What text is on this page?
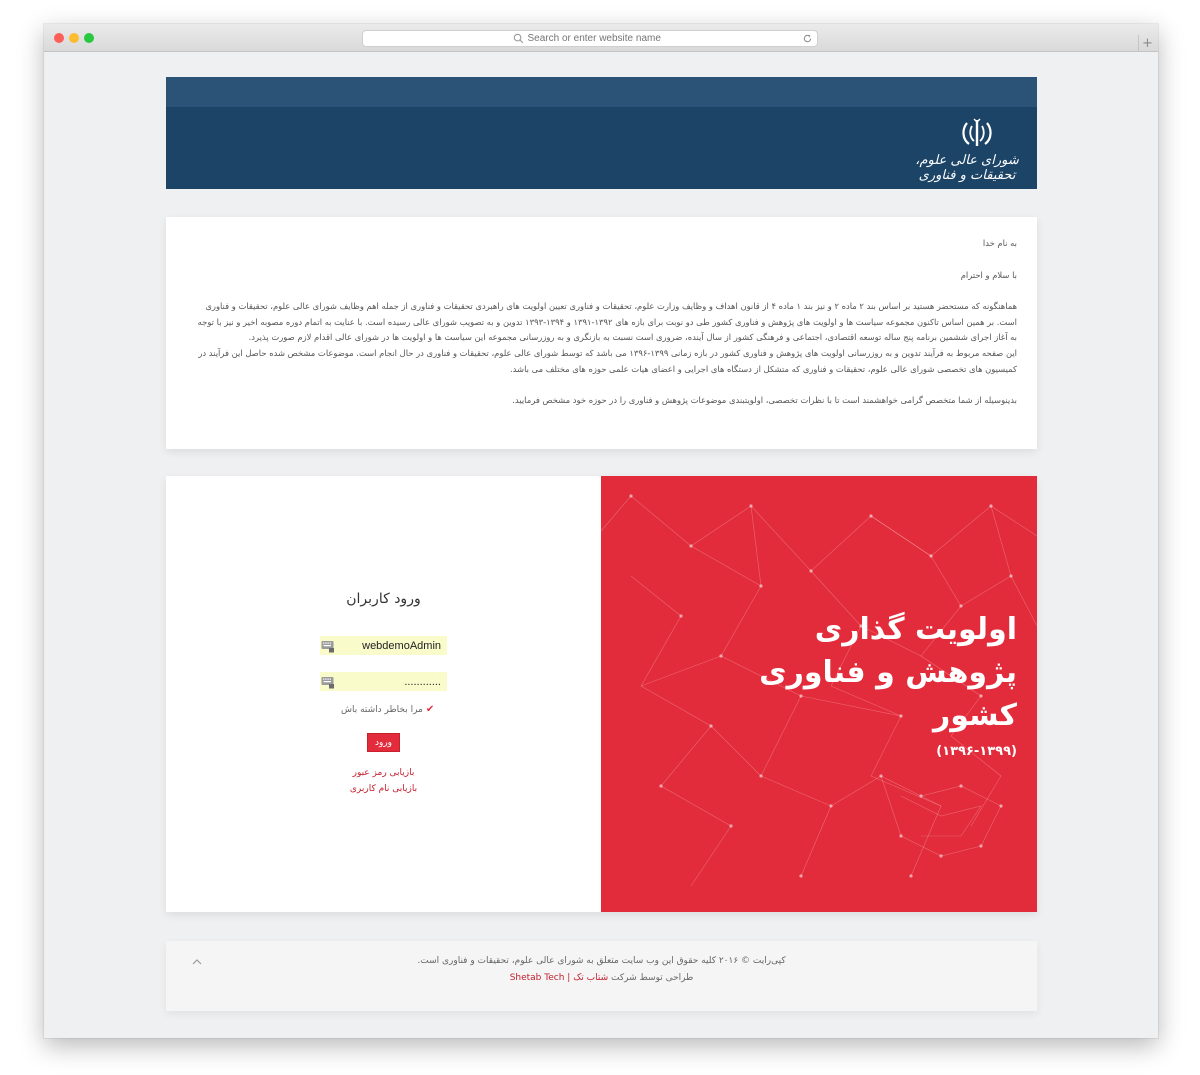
Search or enter website name
+
شورای عالی علوم، تحقیقات و فناوری

به نام خدا

با سلام و احترام

هماهنگونه که مستحضر هستید بر اساس بند ۲ ماده ۲ و نیز بند ۱ ماده ۴ از قانون اهداف و وظایف وزارت علوم، تحقیقات و فناوری تعیین اولویت های راهبردی تحقیقات و فناوری از جمله اهم وظایف شورای عالی علوم، تحقیقات و فناوری است. بر همین اساس تاکنون مجموعه سیاست ها و اولویت های پژوهش و فناوری کشور طی دو نوبت برای بازه های ۱۳۹۲-۱۳۹۱ و ۱۳۹۴-۱۳۹۳ تدوین و به تصویب شورای عالی رسیده است. با عنایت به اتمام دوره مصوبه اخیر و نیز با توجه به آغاز اجرای ششمین برنامه پنج ساله توسعه اقتصادی، اجتماعی و فرهنگی کشور از سال آینده، ضروری است نسبت به بازنگری و به روزرسانی مجموعه این سیاست ها و اولویت ها در شورای عالی اقدام لازم صورت پذیرد.

این صفحه مربوط به فرآیند تدوین و به روزرسانی اولویت های پژوهش و فناوری کشور در بازه زمانی ۱۳۹۹-۱۳۹۶ می باشد که توسط شورای عالی علوم، تحقیقات و فناوری در حال انجام است. موضوعات مشخص شده حاصل این فرآیند در کمیسیون های تخصصی شورای عالی علوم، تحقیقات و فناوری که متشکل از دستگاه های اجرایی و اعضای هیات علمی حوزه های مختلف می باشد.

بدینوسیله از شما متخصص گرامی خواهشمند است تا با نظرات تخصصی، اولویتبندی موضوعات پژوهش و فناوری را در حوزه خود مشخص فرمایید.

اولویت گذاری
پژوهش و فناوری
کشور
(۱۳۹۶-۱۳۹۹)
ورود کاربران
webdemoAdmin
............
✔
مرا بخاطر داشته باش
ورود
بازیابی رمز عبور
بازیابی نام کاربری
کپی‌رایت © ۲۰۱۶ کلیه حقوق این وب سایت متعلق به شورای عالی علوم، تحقیقات و فناوری است.
طراحی توسط شرکت شتاب تک | Shetab Tech
